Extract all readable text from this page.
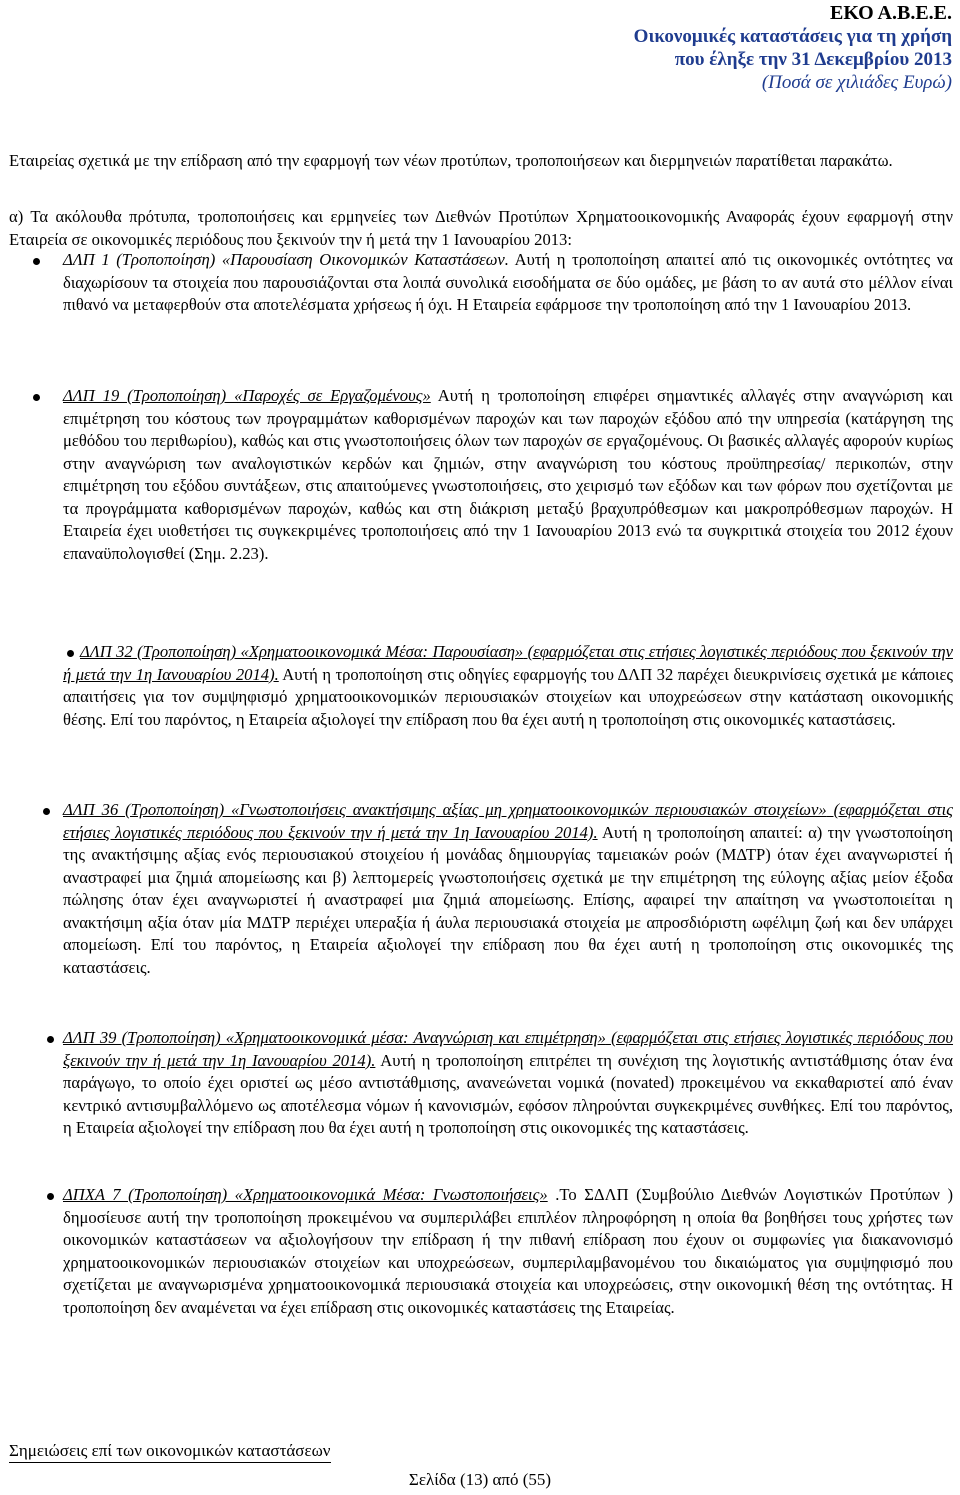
ΕΚΟ Α.Β.Ε.Ε.
Οικονομικές καταστάσεις για τη χρήση
που έληξε την 31 Δεκεμβρίου 2013
(Ποσά σε χιλιάδες Ευρώ)
Εταιρείας σχετικά με την επίδραση από την εφαρμογή των νέων προτύπων, τροποποιήσεων και διερμηνειών παρατίθεται παρακάτω.
α) Τα ακόλουθα πρότυπα, τροποποιήσεις και ερμηνείες των Διεθνών Προτύπων Χρηματοοικονομικής Αναφοράς έχουν εφαρμογή στην Εταιρεία σε οικονομικές περιόδους που ξεκινούν την ή μετά την 1 Ιανουαρίου 2013:
ΔΛΠ 1 (Τροποποίηση) «Παρουσίαση Οικονομικών Καταστάσεων. Αυτή η τροποποίηση απαιτεί από τις οικονομικές οντότητες να διαχωρίσουν τα στοιχεία που παρουσιάζονται στα λοιπά συνολικά εισοδήματα σε δύο ομάδες, με βάση το αν αυτά στο μέλλον είναι πιθανό να μεταφερθούν στα αποτελέσματα χρήσεως ή όχι. Η Εταιρεία εφάρμοσε την τροποποίηση από την 1 Ιανουαρίου 2013.
ΔΛΠ 19 (Τροποποίηση) «Παροχές σε Εργαζομένους» Αυτή η τροποποίηση επιφέρει σημαντικές αλλαγές στην αναγνώριση και επιμέτρηση του κόστους των προγραμμάτων καθορισμένων παροχών και των παροχών εξόδου από την υπηρεσία (κατάργηση της μεθόδου του περιθωρίου), καθώς και στις γνωστοποιήσεις όλων των παροχών σε εργαζομένους. Οι βασικές αλλαγές αφορούν κυρίως στην αναγνώριση των αναλογιστικών κερδών και ζημιών, στην αναγνώριση του κόστους προϋπηρεσίας/ περικοπών, στην επιμέτρηση του εξόδου συντάξεων, στις απαιτούμενες γνωστοποιήσεις, στο χειρισμό των εξόδων και των φόρων που σχετίζονται με τα προγράμματα καθορισμένων παροχών, καθώς και στη διάκριση μεταξύ βραχυπρόθεσμων και μακροπρόθεσμων παροχών. Η Εταιρεία έχει υιοθετήσει τις συγκεκριμένες τροποποιήσεις από την 1 Ιανουαρίου 2013 ενώ τα συγκριτικά στοιχεία του 2012 έχουν επαναϋπολογισθεί (Σημ. 2.23).
ΔΛΠ 32 (Τροποποίηση) «Χρηματοοικονομικά Μέσα: Παρουσίαση» (εφαρμόζεται στις ετήσιες λογιστικές περιόδους που ξεκινούν την ή μετά την 1η Ιανουαρίου 2014). Αυτή η τροποποίηση στις οδηγίες εφαρμογής του ΔΛΠ 32 παρέχει διευκρινίσεις σχετικά με κάποιες απαιτήσεις για τον συμψηφισμό χρηματοοικονομικών περιουσιακών στοιχείων και υποχρεώσεων στην κατάσταση οικονομικής θέσης. Επί του παρόντος, η Εταιρεία αξιολογεί την επίδραση που θα έχει αυτή η τροποποίηση στις οικονομικές καταστάσεις.
ΔΛΠ 36 (Τροποποίηση) «Γνωστοποιήσεις ανακτήσιμης αξίας μη χρηματοοικονομικών περιουσιακών στοιχείων» (εφαρμόζεται στις ετήσιες λογιστικές περιόδους που ξεκινούν την ή μετά την 1η Ιανουαρίου 2014). Αυτή η τροποποίηση απαιτεί: α) την γνωστοποίηση της ανακτήσιμης αξίας ενός περιουσιακού στοιχείου ή μονάδας δημιουργίας ταμειακών ροών (ΜΔΤΡ) όταν έχει αναγνωριστεί ή αναστραφεί μια ζημιά απομείωσης και β) λεπτομερείς γνωστοποιήσεις σχετικά με την επιμέτρηση της εύλογης αξίας μείον έξοδα πώλησης όταν έχει αναγνωριστεί ή αναστραφεί μια ζημιά απομείωσης. Επίσης, αφαιρεί την απαίτηση να γνωστοποιείται η ανακτήσιμη αξία όταν μία ΜΔΤΡ περιέχει υπεραξία ή άυλα περιουσιακά στοιχεία με απροσδιόριστη ωφέλιμη ζωή και δεν υπάρχει απομείωση. Επί του παρόντος, η Εταιρεία αξιολογεί την επίδραση που θα έχει αυτή η τροποποίηση στις οικονομικές της καταστάσεις.
ΔΛΠ 39 (Τροποποίηση) «Χρηματοοικονομικά μέσα: Αναγνώριση και επιμέτρηση» (εφαρμόζεται στις ετήσιες λογιστικές περιόδους που ξεκινούν την ή μετά την 1η Ιανουαρίου 2014). Αυτή η τροποποίηση επιτρέπει τη συνέχιση της λογιστικής αντιστάθμισης όταν ένα παράγωγο, το οποίο έχει οριστεί ως μέσο αντιστάθμισης, ανανεώνεται νομικά (novated) προκειμένου να εκκαθαριστεί από έναν κεντρικό αντισυμβαλλόμενο ως αποτέλεσμα νόμων ή κανονισμών, εφόσον πληρούνται συγκεκριμένες συνθήκες. Επί του παρόντος, η Εταιρεία αξιολογεί την επίδραση που θα έχει αυτή η τροποποίηση στις οικονομικές της καταστάσεις.
ΔΠΧΑ 7 (Τροποποίηση) «Χρηματοοικονομικά Μέσα: Γνωστοποιήσεις» .Το ΣΔΛΠ (Συμβούλιο Διεθνών Λογιστικών Προτύπων ) δημοσίευσε αυτή την τροποποίηση προκειμένου να συμπεριλάβει επιπλέον πληροφόρηση η οποία θα βοηθήσει τους χρήστες των οικονομικών καταστάσεων να αξιολογήσουν την επίδραση ή την πιθανή επίδραση που έχουν οι συμφωνίες για διακανονισμό χρηματοοικονομικών περιουσιακών στοιχείων και υποχρεώσεων, συμπεριλαμβανομένου του δικαιώματος για συμψηφισμό που σχετίζεται με αναγνωρισμένα χρηματοοικονομικά περιουσιακά στοιχεία και υποχρεώσεις, στην οικονομική θέση της οντότητας. Η τροποποίηση δεν αναμένεται να έχει επίδραση στις οικονομικές καταστάσεις της Εταιρείας.
Σημειώσεις επί των οικονομικών καταστάσεων
Σελίδα (13) από (55)
